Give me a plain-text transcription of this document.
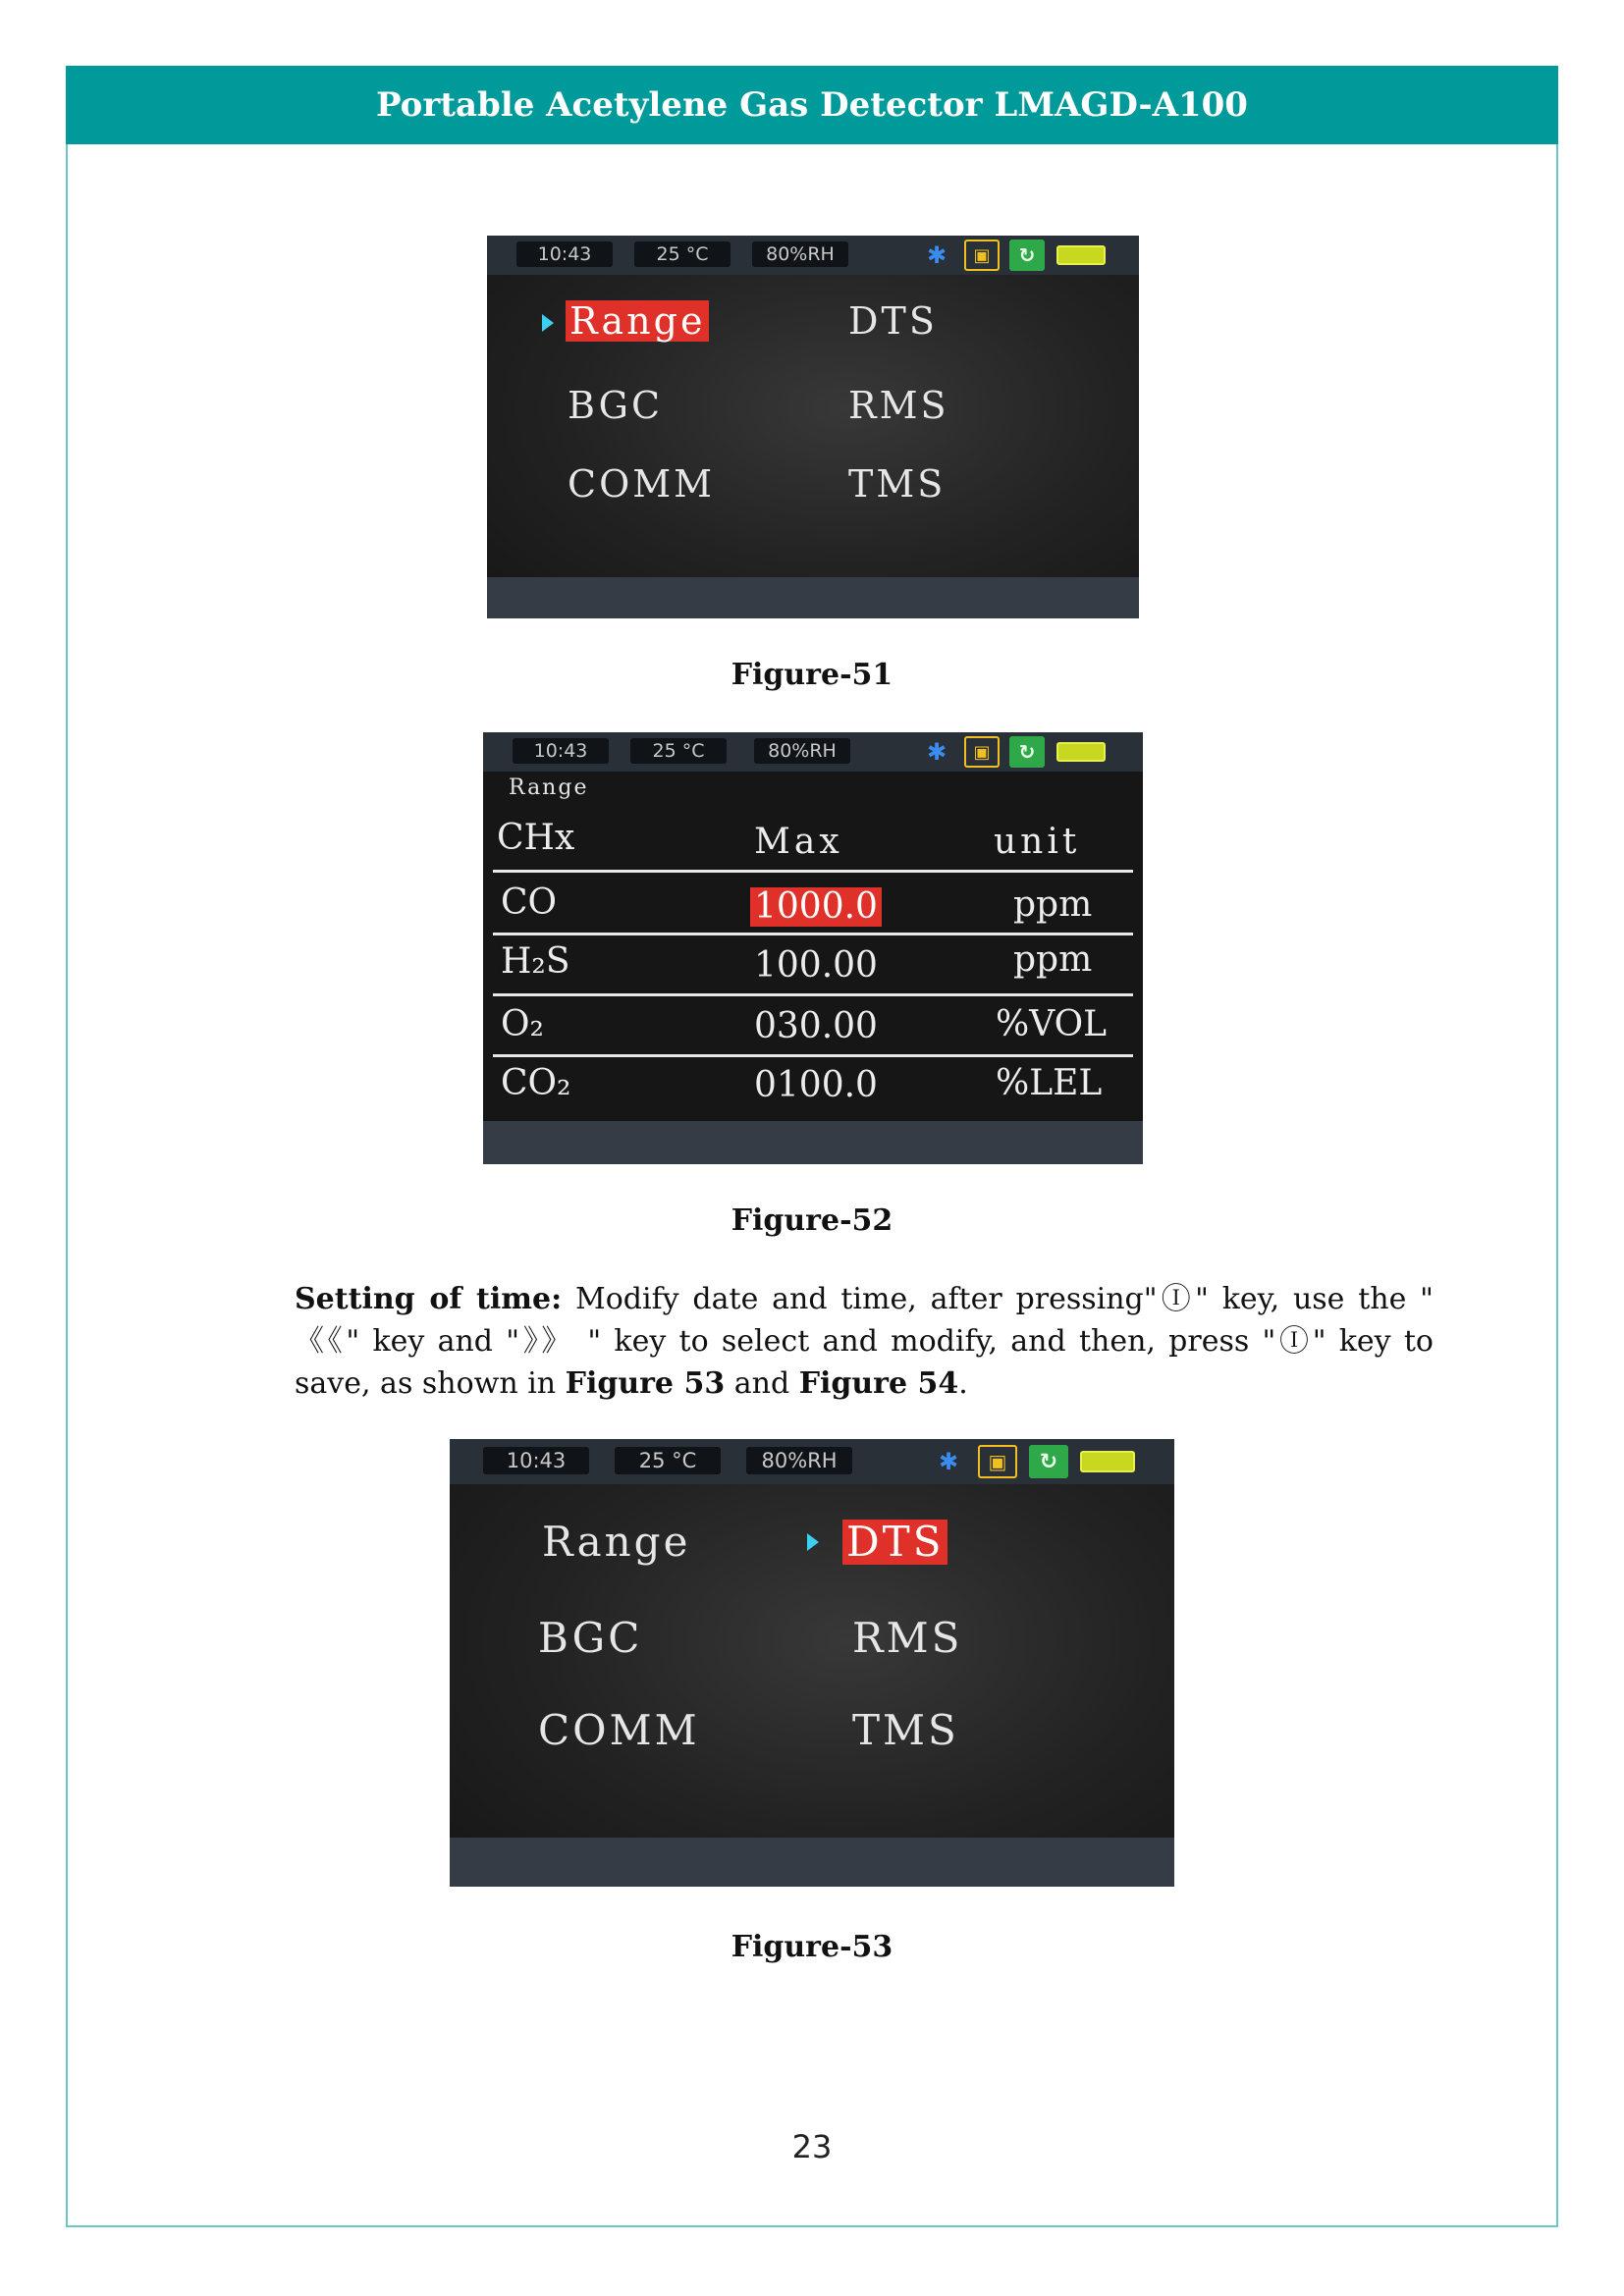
Portable Acetylene Gas Detector LMAGD-A100
10:43	25 °C	80%RH	✱	▣	↻
Range	DTS
BGC	RMS
COMM	TMS
Figure-51
10:43	25 °C	80%RH	✱	▣	↻
Range
CHx	Max	unit
CO	1000.0	ppm
H₂S	100.00	ppm
O₂	030.00	%VOL
CO₂	0100.0	%LEL
Figure-52
Setting of time: Modify date and time, after pressing"Ⓘ" key, use the " 《《" key and "》》 " key to select and modify, and then, press "Ⓘ" key to save, as shown in Figure 53 and Figure 54.
10:43	25 °C	80%RH	✱	▣	↻
Range	DTS
BGC	RMS
COMM	TMS
Figure-53
23
